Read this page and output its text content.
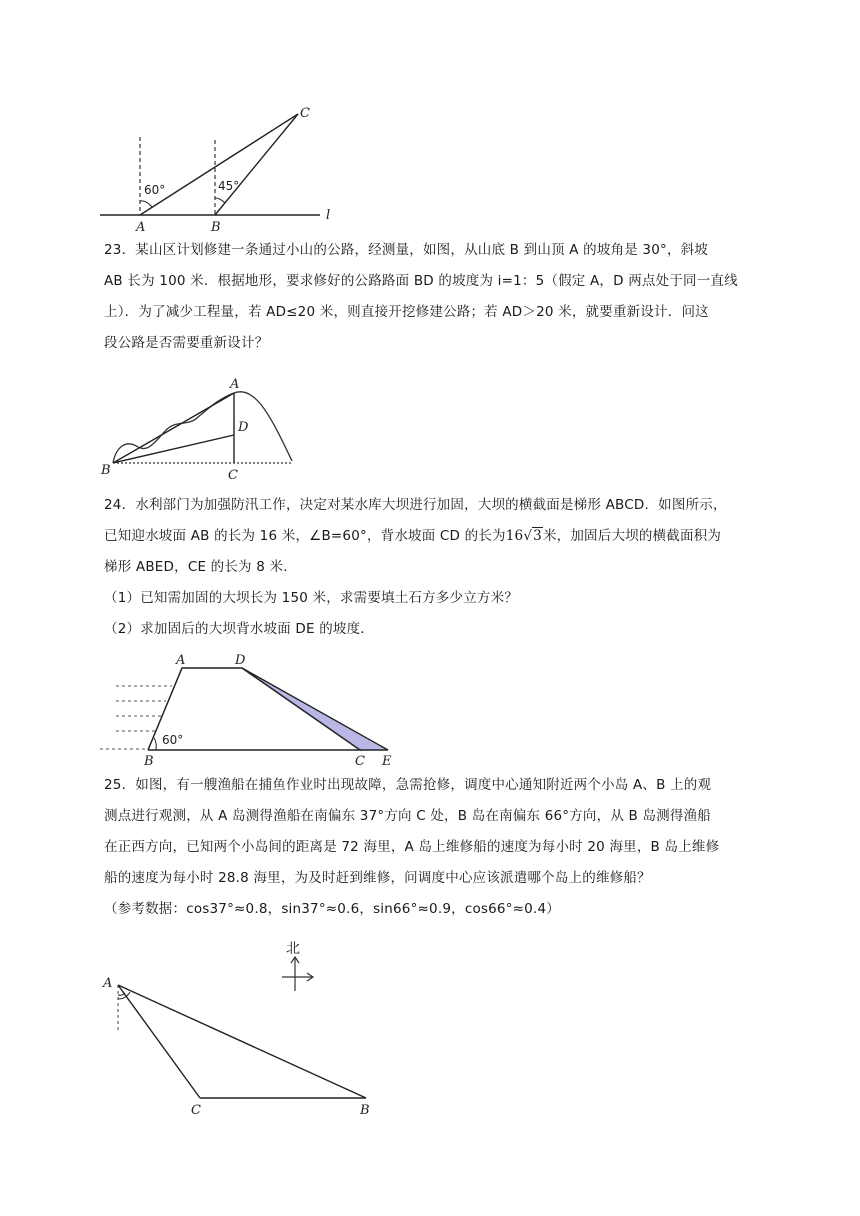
60°	45°
A	B
C
l
23．某山区计划修建一条通过小山的公路，经测量，如图，从山底 B 到山顶 A 的坡角是 30°，斜坡
AB 长为 100 米．根据地形，要求修好的公路路面 BD 的坡度为 i=1：5（假定 A，D 两点处于同一直线
上）．为了减少工程量，若 AD≤20 米，则直接开挖修建公路；若 AD＞20 米，就要重新设计．问这
段公路是否需要重新设计？
A
B	C
D
24．水利部门为加强防汛工作，决定对某水库大坝进行加固，大坝的横截面是梯形 ABCD．如图所示，
已知迎水坡面 AB 的长为 16 米，∠B=60°，背水坡面 CD 的长为16√3米，加固后大坝的横截面积为
梯形 ABED，CE 的长为 8 米．
（1）已知需加固的大坝长为 150 米，求需要填土石方多少立方米？
（2）求加固后的大坝背水坡面 DE 的坡度．
60°
A	D
B	C E
25．如图，有一艘渔船在捕鱼作业时出现故障，急需抢修，调度中心通知附近两个小岛 A、B 上的观
测点进行观测，从 A 岛测得渔船在南偏东 37°方向 C 处，B 岛在南偏东 66°方向，从 B 岛测得渔船
在正西方向，已知两个小岛间的距离是 72 海里，A 岛上维修船的速度为每小时 20 海里，B 岛上维修
船的速度为每小时 28.8 海里，为及时赶到维修，问调度中心应该派遣哪个岛上的维修船？
（参考数据：cos37°≈0.8，sin37°≈0.6，sin66°≈0.9，cos66°≈0.4）
北
A
C	B
